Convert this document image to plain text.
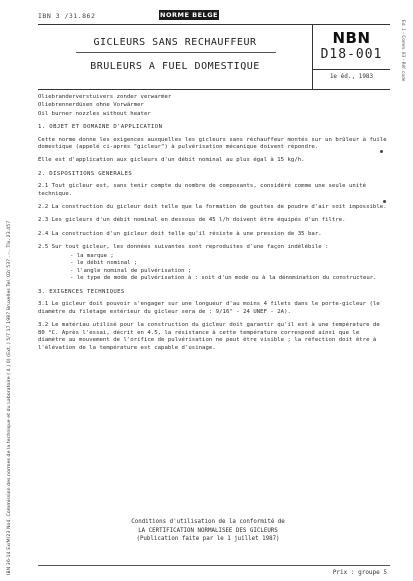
IBN 36-14 Ex/M/23 No4. Commission des normes de la technique et du Laboratoire ( 4 ) 0) (Ext. ) 5/7 17 1987 Bruxelles Tel. 02/ 537 ..-.. Tlx. 23.457
IBN 3 /31.862	NORME BELGE
Ed. 1 - Comm. 83 - Réf. code
GICLEURS SANS RECHAUFFEUR
BRULEURS A FUEL DOMESTIQUE
NBN
D18-001
1e éd., 1983

Oliebranderverstuivers zonder verwarmer

Oliebrennerdüsen ohne Vorwärmer

Oil burner nozzles without heater

1. OBJET ET DOMAINE D'APPLICATION

Cette norme donne les exigences auxquelles les gicleurs sans réchauffeur montés sur un brûleur à fuile domestique (appelé ci-après "gicleur") à pulvérisation mécanique doivent répondre.

Elle est d'application aux gicleurs d'un débit nominal au plus égal à 15 kg/h.

2. DISPOSITIONS GENERALES

2.1 Tout gicleur est, sans tenir compte du nombre de composants, considéré comme une seule unité technique.

2.2 La construction du gicleur doit telle que la formation de gouttes de poudre d'air soit impossible.

2.3 Les gicleurs d'un débit nominal en dessous de 45 l/h doivent être équipés d'un filtre.

2.4 La construction d'un gicleur doit telle qu'il résiste à une pression de 35 bar.

2.5 Sur tout gicleur, les données suivantes sont reproduites d'une façon indélébile :

- la marque ;
- le débit nominal ;
- l'angle nominal de pulvérisation ;
- le type de mode de pulvérisation à : soit d'un mode ou à la dénomination du constructeur.
3. EXIGENCES TECHNIQUES

3.1 Le gicleur doit pouvoir s'engager sur une longueur d'au moins 4 filets dans le porte-gicleur (le diamètre du filetage extérieur du gicleur sera de : 9/16" - 24 UNEF - 2A).

3.2 Le matériau utilisé pour la construction du gicleur doit garantir qu'il est à une température de 80 °C. Après l'essai, décrit en 4.5, la résistance à cette température correspond ainsi que le diamètre au mouvement de l'orifice de pulvérisation ne peut être visible ; la réfection doit être à l'élévation de la température est capable d'usinage.

Conditions d'utilisation de la conformité de
LA CERTIFICATION NORMALISEE DES GICLEURS
(Publication faite par le 1 juillet 1987)
Prix : groupe 5
